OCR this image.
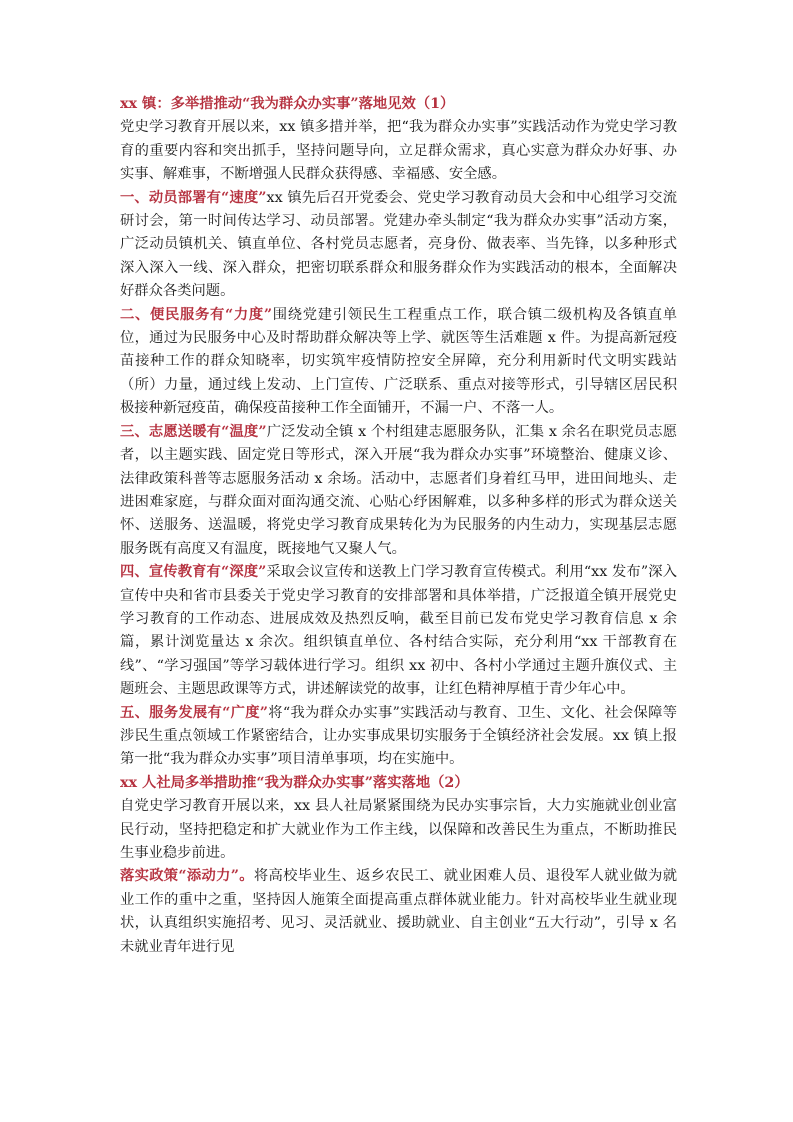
xx 镇：多举措推动“我为群众办实事”落地见效（1）

党史学习教育开展以来，xx 镇多措并举，把“我为群众办实事”实践活动作为党史学习教育的重要内容和突出抓手，坚持问题导向，立足群众需求，真心实意为群众办好事、办实事、解难事，不断增强人民群众获得感、幸福感、安全感。

一、动员部署有“速度”xx 镇先后召开党委会、党史学习教育动员大会和中心组学习交流研讨会，第一时间传达学习、动员部署。党建办牵头制定“我为群众办实事”活动方案，广泛动员镇机关、镇直单位、各村党员志愿者，亮身份、做表率、当先锋，以多种形式深入深入一线、深入群众，把密切联系群众和服务群众作为实践活动的根本，全面解决好群众各类问题。

二、便民服务有“力度”围绕党建引领民生工程重点工作，联合镇二级机构及各镇直单位，通过为民服务中心及时帮助群众解决等上学、就医等生活难题 x 件。为提高新冠疫苗接种工作的群众知晓率，切实筑牢疫情防控安全屏障，充分利用新时代文明实践站（所）力量，通过线上发动、上门宣传、广泛联系、重点对接等形式，引导辖区居民积极接种新冠疫苗，确保疫苗接种工作全面铺开，不漏一户、不落一人。

三、志愿送暖有“温度”广泛发动全镇 x 个村组建志愿服务队，汇集 x 余名在职党员志愿者，以主题实践、固定党日等形式，深入开展“我为群众办实事”环境整治、健康义诊、法律政策科普等志愿服务活动 x 余场。活动中，志愿者们身着红马甲，进田间地头、走进困难家庭，与群众面对面沟通交流、心贴心纾困解难，以多种多样的形式为群众送关怀、送服务、送温暖，将党史学习教育成果转化为为民服务的内生动力，实现基层志愿服务既有高度又有温度，既接地气又聚人气。

四、宣传教育有“深度”采取会议宣传和送教上门学习教育宣传模式。利用“xx 发布”深入宣传中央和省市县委关于党史学习教育的安排部署和具体举措，广泛报道全镇开展党史学习教育的工作动态、进展成效及热烈反响，截至目前已发布党史学习教育信息 x 余篇，累计浏览量达 x 余次。组织镇直单位、各村结合实际，充分利用“xx 干部教育在线”、“学习强国”等学习载体进行学习。组织 xx 初中、各村小学通过主题升旗仪式、主题班会、主题思政课等方式，讲述解读党的故事，让红色精神厚植于青少年心中。

五、服务发展有“广度”将“我为群众办实事”实践活动与教育、卫生、文化、社会保障等涉民生重点领域工作紧密结合，让办实事成果切实服务于全镇经济社会发展。xx 镇上报第一批“我为群众办实事”项目清单事项，均在实施中。

xx 人社局多举措助推“我为群众办实事”落实落地（2）

自党史学习教育开展以来，xx 县人社局紧紧围绕为民办实事宗旨，大力实施就业创业富民行动，坚持把稳定和扩大就业作为工作主线，以保障和改善民生为重点，不断助推民生事业稳步前进。

落实政策“添动力”。将高校毕业生、返乡农民工、就业困难人员、退役军人就业做为就业工作的重中之重，坚持因人施策全面提高重点群体就业能力。针对高校毕业生就业现状，认真组织实施招考、见习、灵活就业、援助就业、自主创业“五大行动”，引导 x 名未就业青年进行见
